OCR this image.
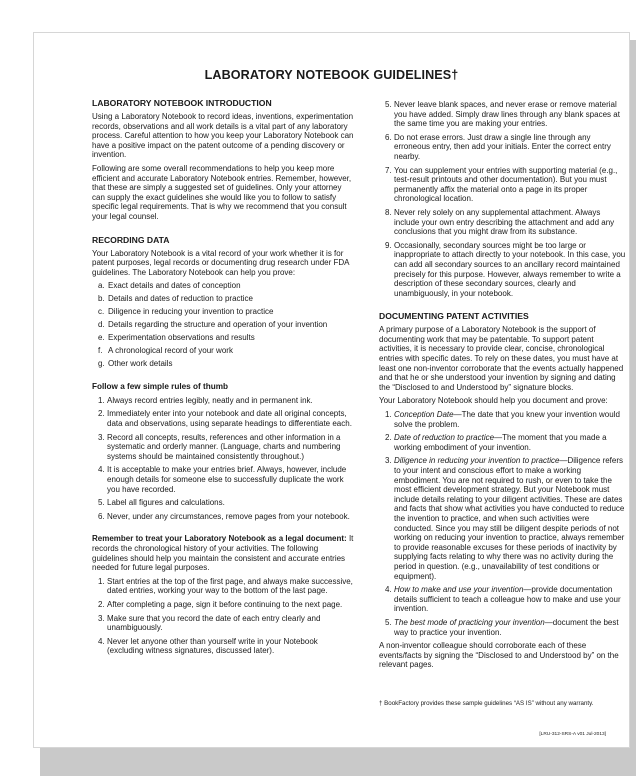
LABORATORY NOTEBOOK GUIDELINES†
LABORATORY NOTEBOOK INTRODUCTION

Using a Laboratory Notebook to record ideas, inventions, experimentation records, observations and all work details is a vital part of any laboratory process. Careful attention to how you keep your Laboratory Notebook can have a positive impact on the patent outcome of a pending discovery or invention.

Following are some overall recommendations to help you keep more efficient and accurate Laboratory Notebook entries. Remember, however, that these are simply a suggested set of guidelines. Only your attorney can supply the exact guidelines she would like you to follow to satisfy specific legal requirements. That is why we recommend that you consult your legal counsel.

RECORDING DATA

Your Laboratory Notebook is a vital record of your work whether it is for patent purposes, legal records or documenting drug research under FDA guidelines. The Laboratory Notebook can help you prove:

a. Exact details and dates of conception
b. Details and dates of reduction to practice
c. Diligence in reducing your invention to practice
d. Details regarding the structure and operation of your invention
e. Experimentation observations and results
f. A chronological record of your work
g. Other work details
Follow a few simple rules of thumb
1. Always record entries legibly, neatly and in permanent ink.
2. Immediately enter into your notebook and date all original concepts, data and observations, using separate headings to differentiate each.
3. Record all concepts, results, references and other information in a systematic and orderly manner. (Language, charts and numbering systems should be maintained consistently throughout.)
4. It is acceptable to make your entries brief. Always, however, include enough details for someone else to successfully duplicate the work you have recorded.
5. Label all figures and calculations.
6. Never, under any circumstances, remove pages from your notebook.

Remember to treat your Laboratory Notebook as a legal document: It records the chronological history of your activities. The following guidelines should help you maintain the consistent and accurate entries needed for future legal purposes.

1. Start entries at the top of the first page, and always make successive, dated entries, working your way to the bottom of the last page.
2. After completing a page, sign it before continuing to the next page.
3. Make sure that you record the date of each entry clearly and unambiguously.
4. Never let anyone other than yourself write in your Notebook (excluding witness signatures, discussed later).
5. Never leave blank spaces, and never erase or remove material you have added. Simply draw lines through any blank spaces at the same time you are making your entries.
6. Do not erase errors. Just draw a single line through any erroneous entry, then add your initials. Enter the correct entry nearby.
7. You can supplement your entries with supporting material (e.g., test-result printouts and other documentation). But you must permanently affix the material onto a page in its proper chronological location.
8. Never rely solely on any supplemental attachment. Always include your own entry describing the attachment and add any conclusions that you might draw from its substance.
9. Occasionally, secondary sources might be too large or inappropriate to attach directly to your notebook. In this case, you can add all secondary sources to an ancillary record maintained precisely for this purpose. However, always remember to write a description of these secondary sources, clearly and unambiguously, in your notebook.
DOCUMENTING PATENT ACTIVITIES

A primary purpose of a Laboratory Notebook is the support of documenting work that may be patentable. To support patent activities, it is necessary to provide clear, concise, chronological entries with specific dates. To rely on these dates, you must have at least one non-inventor corroborate that the events actually happened and that he or she understood your invention by signing and dating the “Disclosed to and Understood by” signature blocks.

Your Laboratory Notebook should help you document and prove:

1. Conception Date—The date that you knew your invention would solve the problem.
2. Date of reduction to practice—The moment that you made a working embodiment of your invention.
3. Diligence in reducing your invention to practice—Diligence refers to your intent and conscious effort to make a working embodiment. You are not required to rush, or even to take the most efficient development strategy. But your Notebook must include details relating to your diligent activities. These are dates and facts that show what activities you have conducted to reduce the invention to practice, and when such activities were conducted. Since you may still be diligent despite periods of not working on reducing your invention to practice, always remember to provide reasonable excuses for these periods of inactivity by supplying facts relating to why there was no activity during the period in question. (e.g., unavailability of test conditions or equipment).
4. How to make and use your invention—provide documentation details sufficient to teach a colleague how to make and use your invention.
5. The best mode of practicing your invention—document the best way to practice your invention.

A non-inventor colleague should corroborate each of these events/facts by signing the “Disclosed to and Understood by” on the relevant pages.

† BookFactory provides these sample guidelines “AS IS” without any warranty.
[LRU-312-SRS-A v01 Jul-2013]
